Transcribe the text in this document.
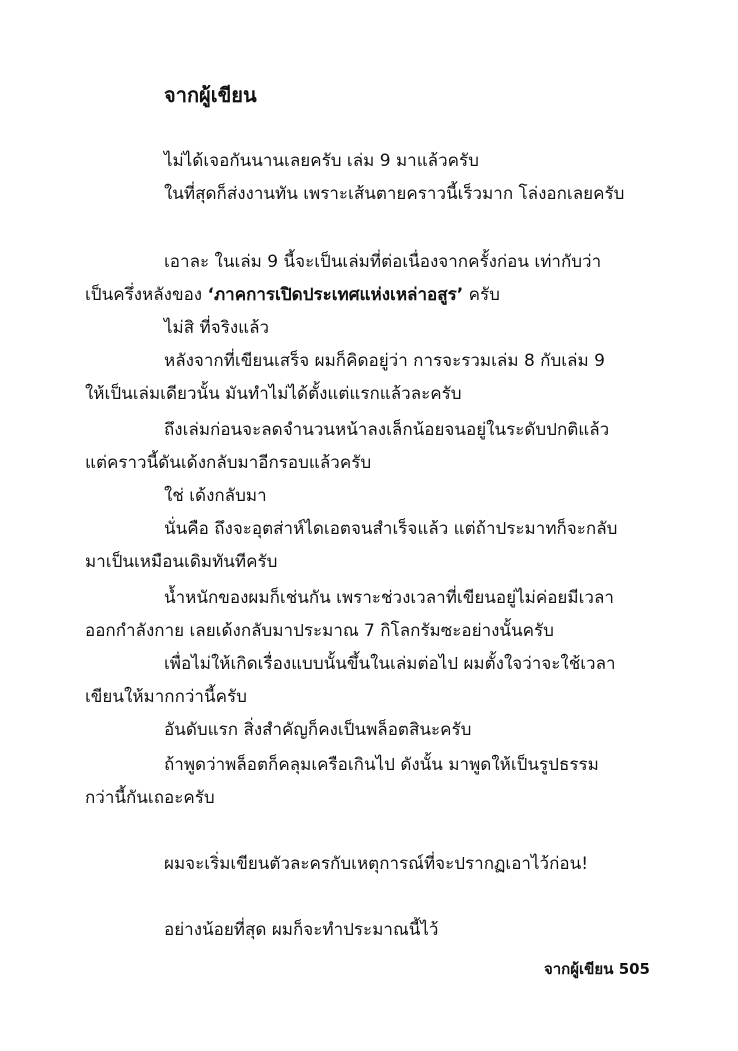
จากผู้เขียน
ไม่ได้เจอกันนานเลยครับ เล่ม 9 มาแล้วครับ
ในที่สุดก็ส่งงานทัน เพราะเส้นตายคราวนี้เร็วมาก โล่งอกเลยครับ
เอาละ ในเล่ม 9 นี้จะเป็นเล่มที่ต่อเนื่องจากครั้งก่อน เท่ากับว่า
เป็นครึ่งหลังของ ‘ภาคการเปิดประเทศแห่งเหล่าอสูร’ ครับ
ไม่สิ ที่จริงแล้ว
หลังจากที่เขียนเสร็จ ผมก็คิดอยู่ว่า การจะรวมเล่ม 8 กับเล่ม 9
ให้เป็นเล่มเดียวนั้น มันทำไม่ได้ตั้งแต่แรกแล้วละครับ
ถึงเล่มก่อนจะลดจำนวนหน้าลงเล็กน้อยจนอยู่ในระดับปกติแล้ว
แต่คราวนี้ดันเด้งกลับมาอีกรอบแล้วครับ
ใช่ เด้งกลับมา
นั่นคือ ถึงจะอุตส่าห์ไดเอตจนสำเร็จแล้ว แต่ถ้าประมาทก็จะกลับ
มาเป็นเหมือนเดิมทันทีครับ
น้ำหนักของผมก็เช่นกัน เพราะช่วงเวลาที่เขียนอยู่ไม่ค่อยมีเวลา
ออกกำลังกาย เลยเด้งกลับมาประมาณ 7 กิโลกรัมซะอย่างนั้นครับ
เพื่อไม่ให้เกิดเรื่องแบบนั้นขึ้นในเล่มต่อไป ผมตั้งใจว่าจะใช้เวลา
เขียนให้มากกว่านี้ครับ
อันดับแรก สิ่งสำคัญก็คงเป็นพล็อตสินะครับ
ถ้าพูดว่าพล็อตก็คลุมเครือเกินไป ดังนั้น มาพูดให้เป็นรูปธรรม
กว่านี้กันเถอะครับ
ผมจะเริ่มเขียนตัวละครกับเหตุการณ์ที่จะปรากฏเอาไว้ก่อน!
อย่างน้อยที่สุด ผมก็จะทำประมาณนี้ไว้
จากผู้เขียน 505
